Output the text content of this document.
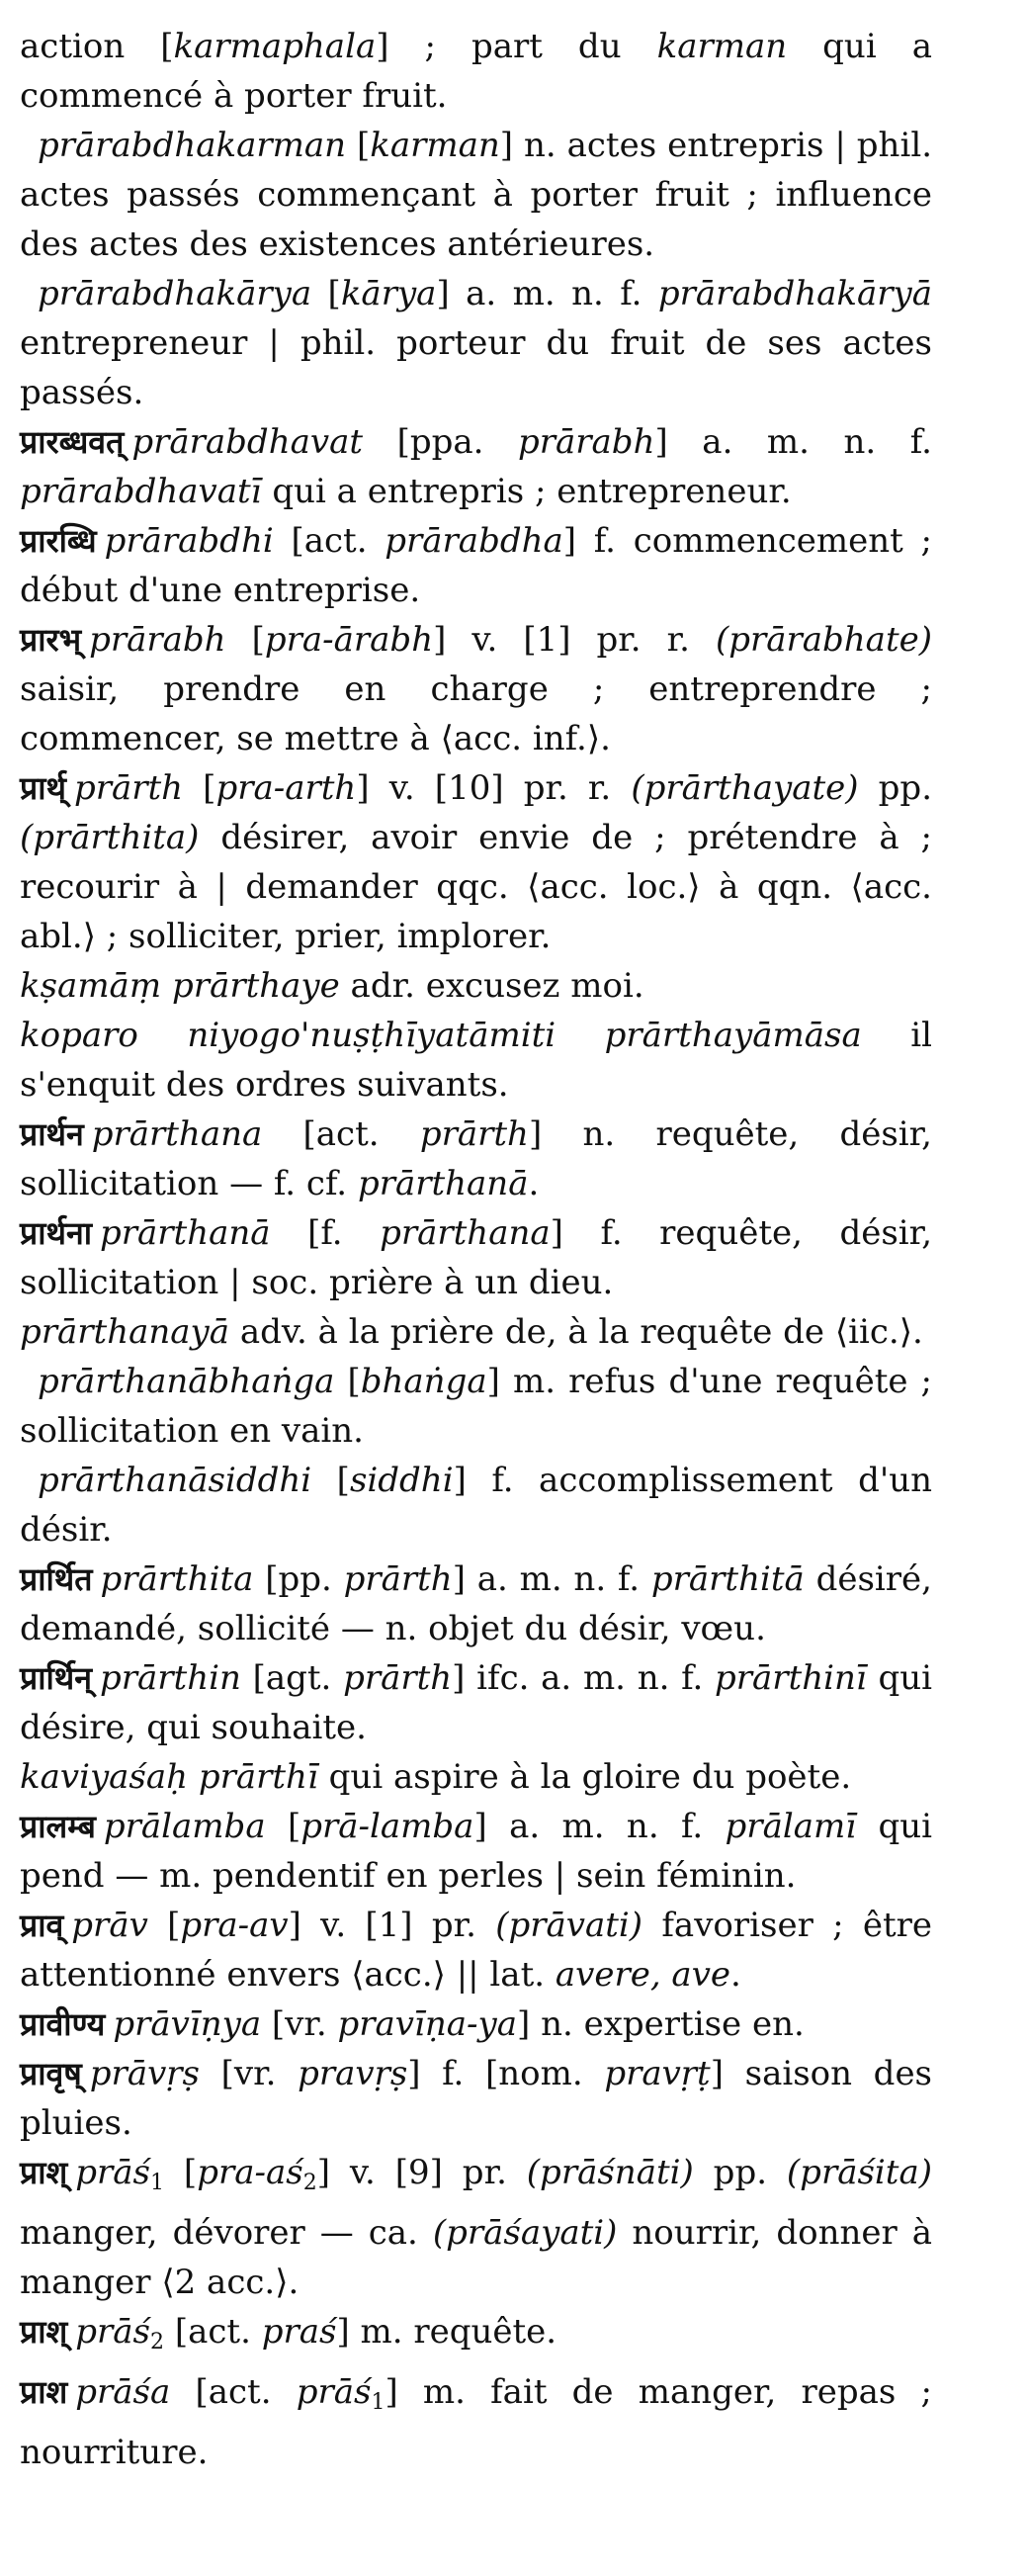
action [karmaphala] ; part du karman qui a commencé à porter fruit.

prārabdhakarman [karman] n. actes entrepris | phil. actes passés commençant à porter fruit ; influence des actes des existences antérieures.

prārabdhakārya [kārya] a. m. n. f. prārabdhakāryā entrepreneur | phil. porteur du fruit de ses actes passés.

प्रारब्धवत् prārabdhavat [ppa. prārabh] a. m. n. f. prārabdhavatī qui a entrepris ; entrepreneur.

प्रारब्धि prārabdhi [act. prārabdha] f. commencement ; début d'une entreprise.

प्रारभ् prārabh [pra-ārabh] v. [1] pr. r. (prārabhate) saisir, prendre en charge ; entreprendre ; commencer, se mettre à ⟨acc. inf.⟩.

प्रार्थ् prārth [pra-arth] v. [10] pr. r. (prārthayate) pp. (prārthita) désirer, avoir envie de ; prétendre à ; recourir à | demander qqc. ⟨acc. loc.⟩ à qqn. ⟨acc. abl.⟩ ; solliciter, prier, implorer.

kṣamāṃ prārthaye adr. excusez moi.

koparo niyogo'nuṣṭhīyatāmiti prārthayāmāsa il s'enquit des ordres suivants.

प्रार्थन prārthana [act. prārth] n. requête, désir, sollicitation — f. cf. prārthanā.

प्रार्थना prārthanā [f. prārthana] f. requête, désir, sollicitation | soc. prière à un dieu.

prārthanayā adv. à la prière de, à la requête de ⟨iic.⟩.

prārthanābhaṅga [bhaṅga] m. refus d'une requête ; sollicitation en vain.

prārthanāsiddhi [siddhi] f. accomplissement d'un désir.

प्रार्थित prārthita [pp. prārth] a. m. n. f. prārthitā désiré, demandé, sollicité — n. objet du désir, vœu.

प्रार्थिन् prārthin [agt. prārth] ifc. a. m. n. f. prārthinī qui désire, qui souhaite.

kaviyaśaḥ prārthī qui aspire à la gloire du poète.

प्रालम्ब prālamba [prā-lamba] a. m. n. f. prālamī qui pend — m. pendentif en perles | sein féminin.

प्राव् prāv [pra-av] v. [1] pr. (prāvati) favoriser ; être attentionné envers ⟨acc.⟩ || lat. avere, ave.

प्रावीण्य prāvīṇya [vr. pravīṇa-ya] n. expertise en.

प्रावृष् prāvṛṣ [vr. pravṛṣ] f. [nom. pravṛṭ] saison des pluies.

प्राश् prāś1 [pra-aś2] v. [9] pr. (prāśnāti) pp. (prāśita) manger, dévorer — ca. (prāśayati) nourrir, donner à manger ⟨2 acc.⟩.

प्राश् prāś2 [act. praś] m. requête.

प्राश prāśa [act. prāś1] m. fait de manger, repas ; nourriture.
